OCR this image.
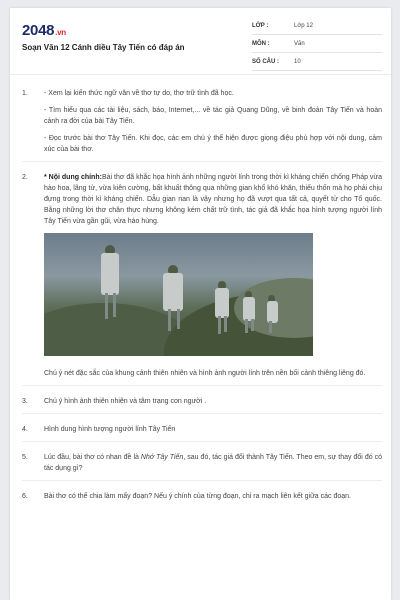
2048.vn
Soạn Văn 12 Cánh diều Tây Tiến có đáp án
LỚP :	Lớp 12
MÔN :	Văn
SỐ CÂU :	10
1. - Xem lại kiến thức ngữ văn về thơ tự do, thơ trữ tình đã học.

- Tìm hiểu qua các tài liệu, sách, báo, Internet,... về tác giả Quang Dũng, về binh đoàn Tây Tiến và hoàn cảnh ra đời của bài Tây Tiến.

- Đọc trước bài thơ Tây Tiến. Khi đọc, các em chú ý thể hiện được giọng điệu phù hợp với nội dung, cảm xúc của bài thơ.

2. * Nội dung chính:Bài thơ đã khắc họa hình ảnh những người lính trong thời kì kháng chiến chống Pháp vừa hào hoa, lãng tử, vừa kiên cường, bất khuất thông qua những gian khổ khó khăn, thiếu thốn mà họ phải chịu đựng trong thời kì kháng chiến. Dẫu gian nan là vậy nhưng họ đã vượt qua tất cả, quyết tử cho Tổ quốc. Bằng những lời thơ chân thực nhưng không kém chất trữ tình, tác giả đã khắc họa hình tượng người lính Tây Tiến vừa gần gũi, vừa hào hùng.

Chú ý nét đặc sắc của khung cảnh thiên nhiên và hình ảnh người lính trên nền bối cảnh thiêng liêng đó.

3. Chú ý hình ảnh thiên nhiên và tâm trạng con người .

4. Hình dung hình tượng người lính Tây Tiến

5. Lúc đầu, bài thơ có nhan đề là Nhớ Tây Tiến, sau đó, tác giả đổi thành Tây Tiến. Theo em, sự thay đổi đó có tác dụng gì?

6. Bài thơ có thể chia làm mấy đoạn? Nếu ý chính của từng đoạn, chỉ ra mạch liên kết giữa các đoạn.
